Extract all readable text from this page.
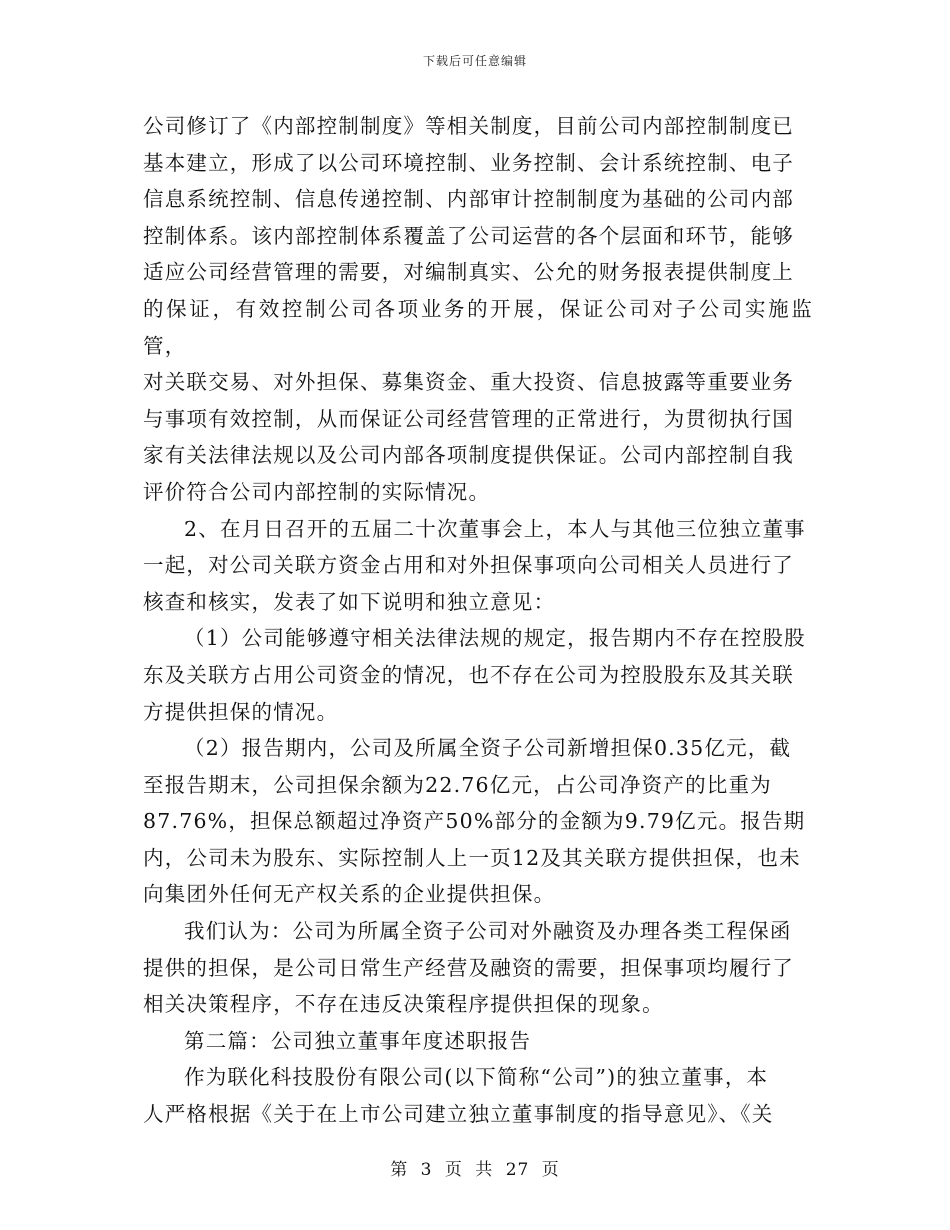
下载后可任意编辑

公司修订了《内部控制制度》等相关制度，目前公司内部控制制度已
基本建立，形成了以公司环境控制、业务控制、会计系统控制、电子
信息系统控制、信息传递控制、内部审计控制制度为基础的公司内部
控制体系。该内部控制体系覆盖了公司运营的各个层面和环节，能够
适应公司经营管理的需要，对编制真实、公允的财务报表提供制度上
的保证，有效控制公司各项业务的开展，保证公司对子公司实施监管，
对关联交易、对外担保、募集资金、重大投资、信息披露等重要业务
与事项有效控制，从而保证公司经营管理的正常进行，为贯彻执行国
家有关法律法规以及公司内部各项制度提供保证。公司内部控制自我
评价符合公司内部控制的实际情况。

2、在月日召开的五届二十次董事会上，本人与其他三位独立董事
一起，对公司关联方资金占用和对外担保事项向公司相关人员进行了
核查和核实，发表了如下说明和独立意见：

（1）公司能够遵守相关法律法规的规定，报告期内不存在控股股
东及关联方占用公司资金的情况，也不存在公司为控股股东及其关联
方提供担保的情况。

（2）报告期内，公司及所属全资子公司新增担保0.35亿元，截
至报告期末，公司担保余额为22.76亿元，占公司净资产的比重为
87.76%，担保总额超过净资产50%部分的金额为9.79亿元。报告期
内，公司未为股东、实际控制人上一页12及其关联方提供担保，也未
向集团外任何无产权关系的企业提供担保。

我们认为：公司为所属全资子公司对外融资及办理各类工程保函
提供的担保，是公司日常生产经营及融资的需要，担保事项均履行了
相关决策程序，不存在违反决策程序提供担保的现象。

第二篇：公司独立董事年度述职报告

作为联化科技股份有限公司(以下简称“公司”)的独立董事，本
人严格根据《关于在上市公司建立独立董事制度的指导意见》、《关

第 3 页 共 27 页
